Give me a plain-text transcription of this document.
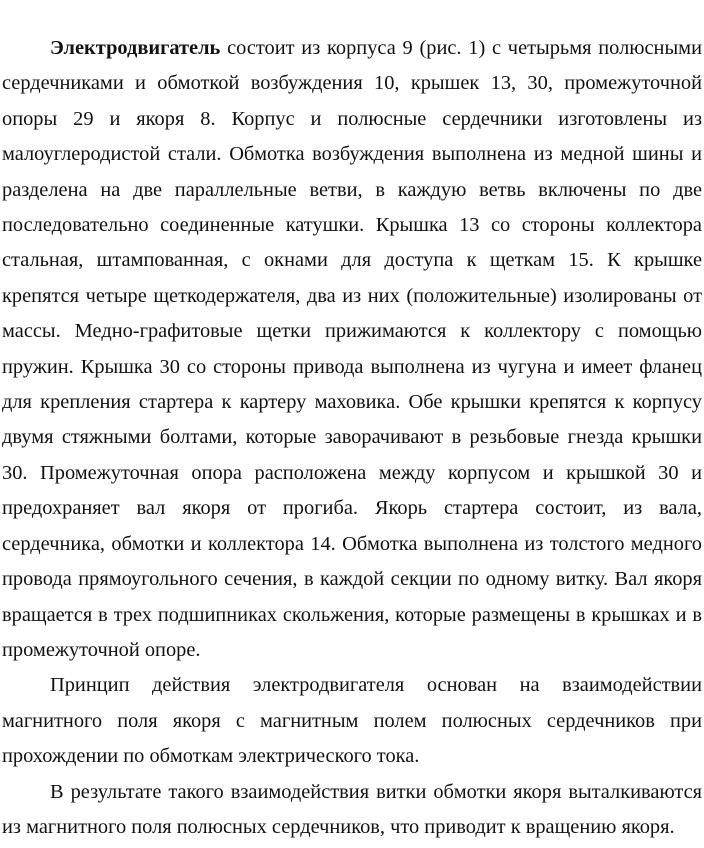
Электродвигатель состоит из корпуса 9 (рис. 1) с четырьмя полюсными сердечниками и обмоткой возбуждения 10, крышек 13, 30, промежуточной опоры 29 и якоря 8. Корпус и полюсные сердечники изготовлены из малоуглеродистой стали. Обмотка возбуждения выполнена из медной шины и разделена на две параллельные ветви, в каждую ветвь включены по две последовательно соединенные катушки. Крышка 13 со стороны коллектора стальная, штампованная, с окнами для доступа к щеткам 15. К крышке крепятся четыре щеткодержателя, два из них (положительные) изолированы от массы. Медно-графитовые щетки прижимаются к коллектору с помощью пружин. Крышка 30 со стороны привода выполнена из чугуна и имеет фланец для крепления стартера к картеру маховика. Обе крышки крепятся к корпусу двумя стяжными болтами, которые заворачивают в резьбовые гнезда крышки 30. Промежуточная опора расположена между корпусом и крышкой 30 и предохраняет вал якоря от прогиба. Якорь стартера состоит, из вала, сердечника, обмотки и коллектора 14. Обмотка выполнена из толстого медного провода прямоугольного сечения, в каждой секции по одному витку. Вал якоря вращается в трех подшипниках скольжения, которые размещены в крышках и в промежуточной опоре.

Принцип действия электродвигателя основан на взаимодействии магнитного поля якоря с магнитным полем полюсных сердечников при прохождении по обмоткам электрического тока.

В результате такого взаимодействия витки обмотки якоря выталкиваются из магнитного поля полюсных сердечников, что приводит к вращению якоря.
